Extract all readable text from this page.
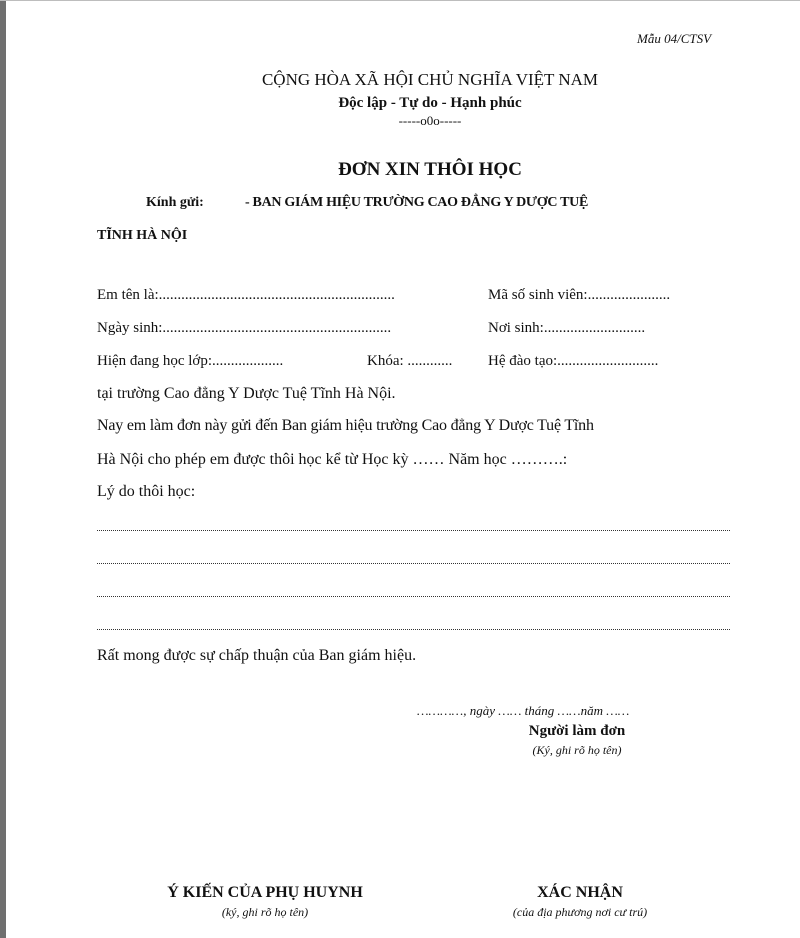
Mẫu 04/CTSV
CỘNG HÒA XÃ HỘI CHỦ NGHĨA VIỆT NAM
Độc lập - Tự do - Hạnh phúc
-----o0o-----
ĐƠN XIN THÔI HỌC
Kính gửi:	- BAN GIÁM HIỆU TRƯỜNG CAO ĐẲNG Y DƯỢC TUỆ
TĨNH HÀ NỘI
Em tên là:...............................................................	Mã số sinh viên:......................
Ngày sinh:.............................................................	Nơi sinh:...........................
Hiện đang học lớp:...................	Khóa: ............	Hệ đào tạo:...........................
tại trường Cao đẳng Y Dược Tuệ Tĩnh Hà Nội.
Nay em làm đơn này gửi đến Ban giám hiệu trường Cao đẳng Y Dược Tuệ Tĩnh
Hà Nội cho phép em được thôi học kể từ Học kỳ …… Năm học ……….:
Lý do thôi học:
Rất mong được sự chấp thuận của Ban giám hiệu.
…………, ngày …… tháng ……năm ……
Người làm đơn
(Ký, ghi rõ họ tên)
Ý KIẾN CỦA PHỤ HUYNH
(ký, ghi rõ họ tên)
XÁC NHẬN
(của địa phương nơi cư trú)
